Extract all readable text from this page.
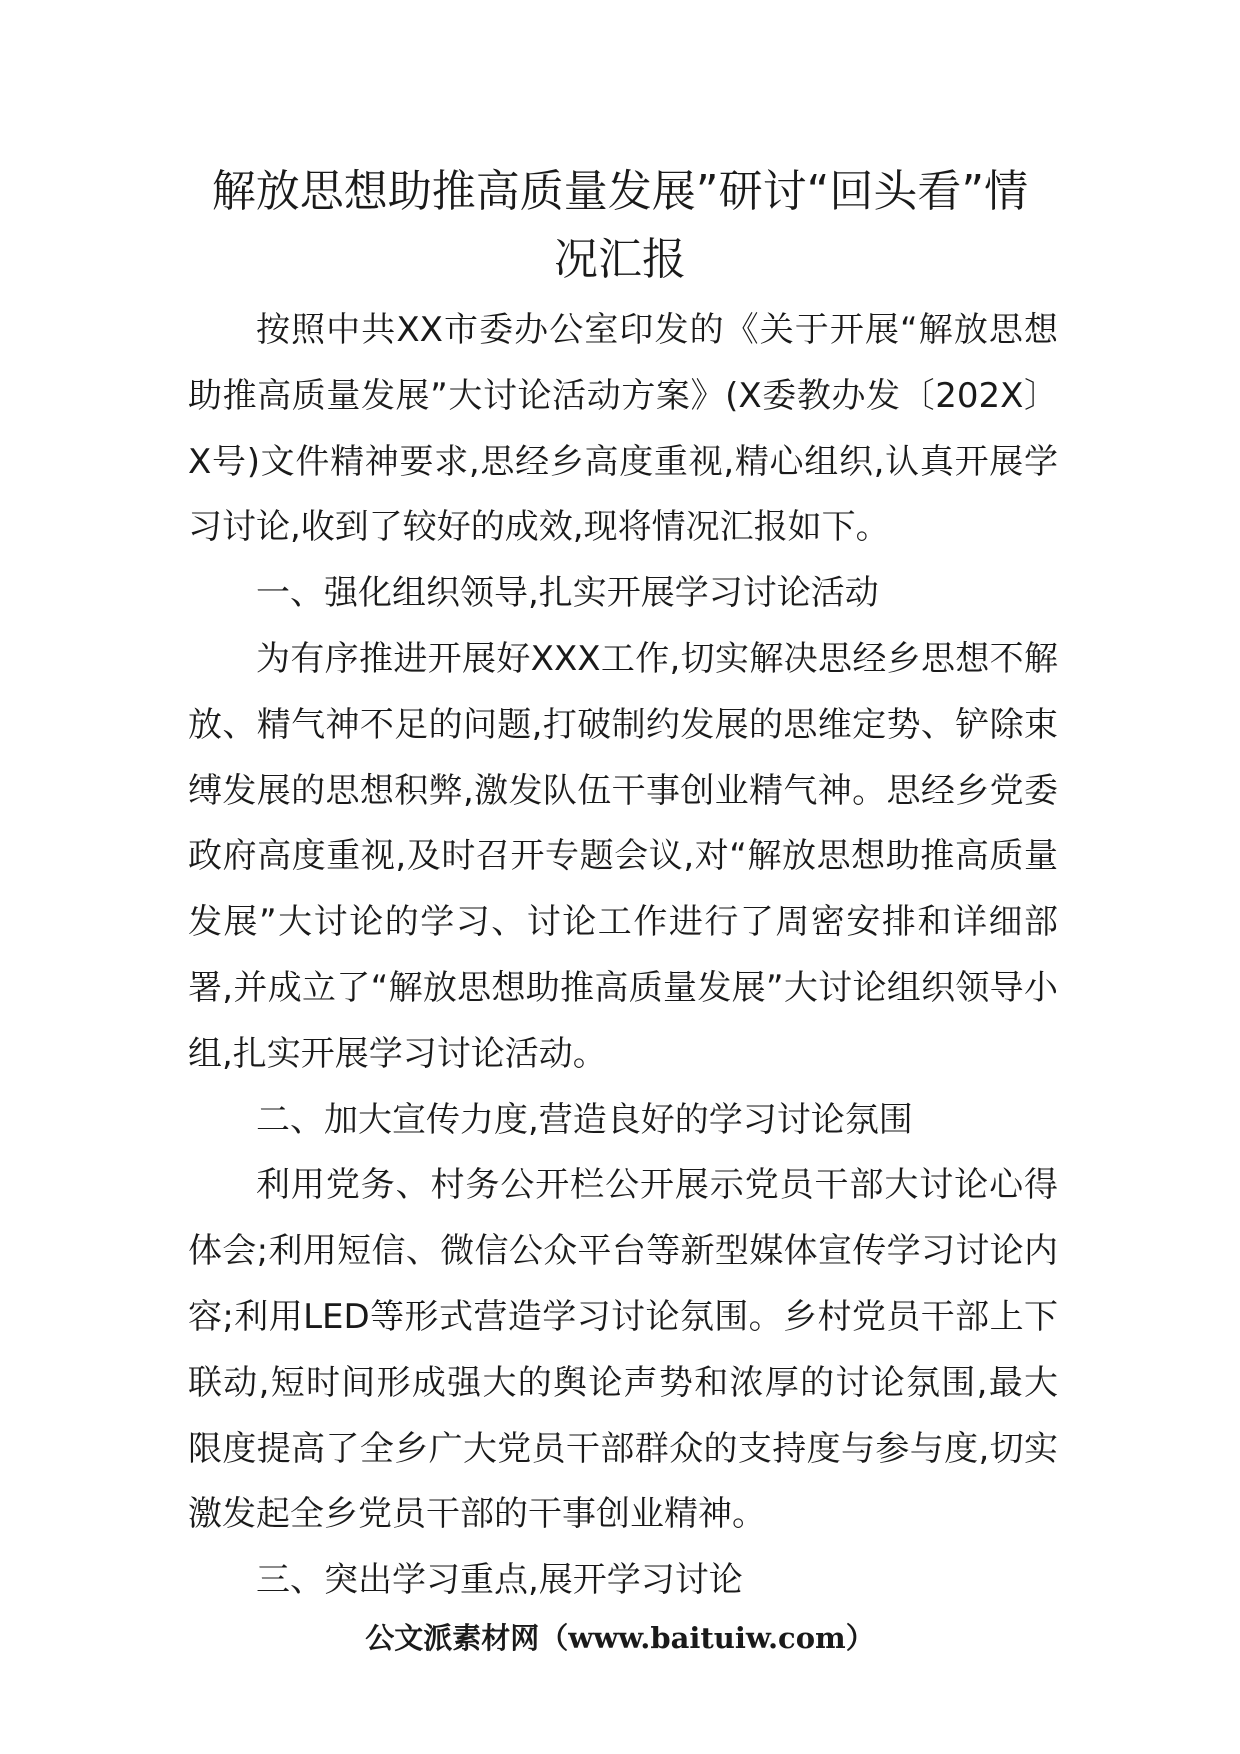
解放思想助推高质量发展”研讨“回头看”情况汇报

按照中共XX市委办公室印发的《关于开展“解放思想助推高质量发展”大讨论活动方案》(X委教办发〔202X〕X号)文件精神要求,思经乡高度重视,精心组织,认真开展学习讨论,收到了较好的成效,现将情况汇报如下。

一、强化组织领导,扎实开展学习讨论活动

为有序推进开展好XXX工作,切实解决思经乡思想不解放、精气神不足的问题,打破制约发展的思维定势、铲除束缚发展的思想积弊,激发队伍干事创业精气神。思经乡党委政府高度重视,及时召开专题会议,对“解放思想助推高质量发展”大讨论的学习、讨论工作进行了周密安排和详细部署,并成立了“解放思想助推高质量发展”大讨论组织领导小组,扎实开展学习讨论活动。

二、加大宣传力度,营造良好的学习讨论氛围

利用党务、村务公开栏公开展示党员干部大讨论心得体会;利用短信、微信公众平台等新型媒体宣传学习讨论内容;利用LED等形式营造学习讨论氛围。乡村党员干部上下联动,短时间形成强大的舆论声势和浓厚的讨论氛围,最大限度提高了全乡广大党员干部群众的支持度与参与度,切实激发起全乡党员干部的干事创业精神。

三、突出学习重点,展开学习讨论

公文派素材网（www.baituiw.com）
